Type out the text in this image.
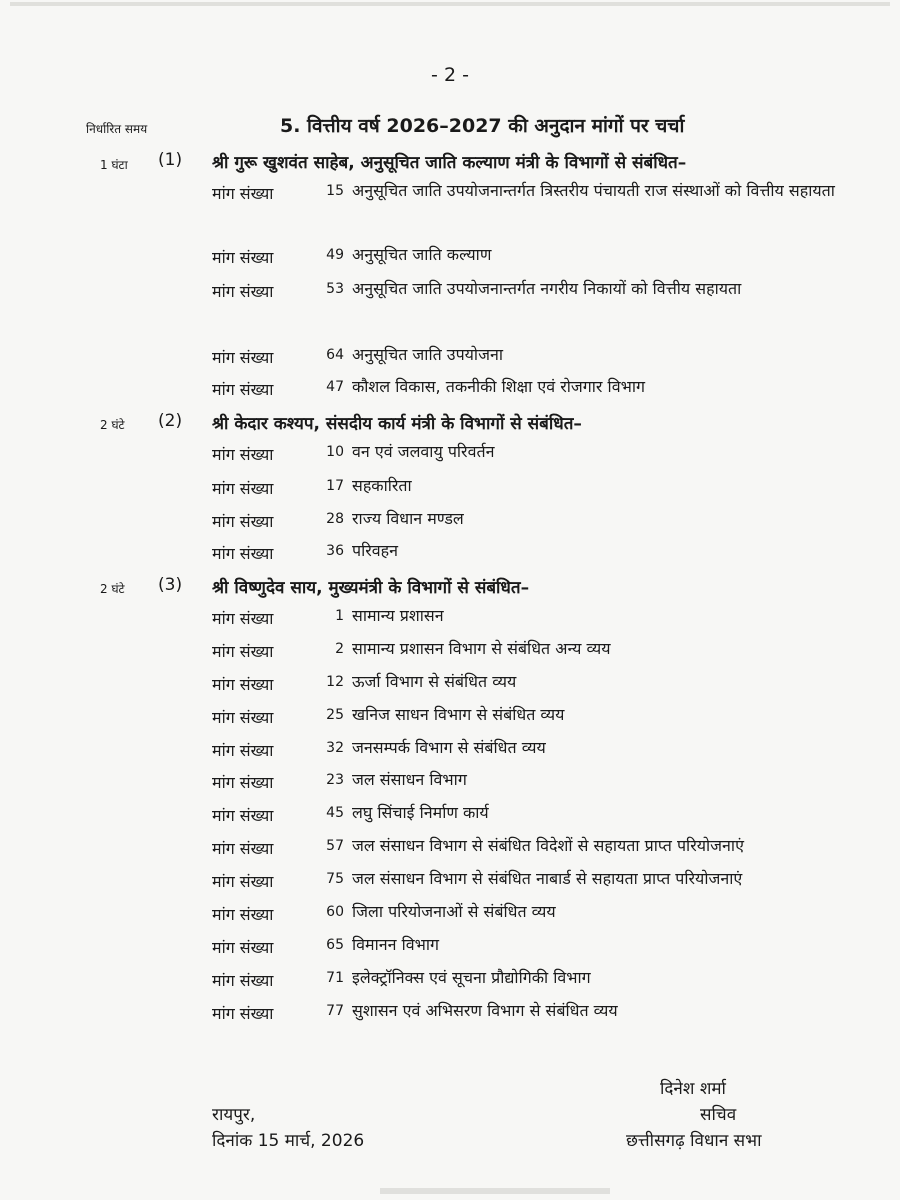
- 2 -
निर्धारित समय	5. वित्तीय वर्ष 2026–2027 की अनुदान मांगों पर चर्चा
1 घंटा (1) श्री गुरू खुशवंत साहेब, अनुसूचित जाति कल्याण मंत्री के विभागों से संबंधित–
मांग संख्या	15 अनुसूचित जाति उपयोजनान्तर्गत त्रिस्तरीय पंचायती राज संस्थाओं को वित्तीय सहायता
मांग संख्या	49 अनुसूचित जाति कल्याण
मांग संख्या	53 अनुसूचित जाति उपयोजनान्तर्गत नगरीय निकायों को वित्तीय सहायता
मांग संख्या	64 अनुसूचित जाति उपयोजना
मांग संख्या	47 कौशल विकास, तकनीकी शिक्षा एवं रोजगार विभाग
2 घंटे (2) श्री केदार कश्यप, संसदीय कार्य मंत्री के विभागों से संबंधित–
मांग संख्या	10 वन एवं जलवायु परिवर्तन
मांग संख्या	17 सहकारिता
मांग संख्या	28 राज्य विधान मण्डल
मांग संख्या	36 परिवहन
2 घंटे (3) श्री विष्णुदेव साय, मुख्यमंत्री के विभागों से संबंधित–
मांग संख्या	1 सामान्य प्रशासन
मांग संख्या	2 सामान्य प्रशासन विभाग से संबंधित अन्य व्यय
मांग संख्या	12 ऊर्जा विभाग से संबंधित व्यय
मांग संख्या	25 खनिज साधन विभाग से संबंधित व्यय
मांग संख्या	32 जनसम्पर्क विभाग से संबंधित व्यय
मांग संख्या	23 जल संसाधन विभाग
मांग संख्या	45 लघु सिंचाई निर्माण कार्य
मांग संख्या	57 जल संसाधन विभाग से संबंधित विदेशों से सहायता प्राप्त परियोजनाएं
मांग संख्या	75 जल संसाधन विभाग से संबंधित नाबार्ड से सहायता प्राप्त परियोजनाएं
मांग संख्या	60 जिला परियोजनाओं से संबंधित व्यय
मांग संख्या	65 विमानन विभाग
मांग संख्या	71 इलेक्ट्रॉनिक्स एवं सूचना प्रौद्योगिकी विभाग
मांग संख्या	77 सुशासन एवं अभिसरण विभाग से संबंधित व्यय
दिनेश शर्मा
सचिव
रायपुर,
दिनांक 15 मार्च, 2026	छत्तीसगढ़ विधान सभा
